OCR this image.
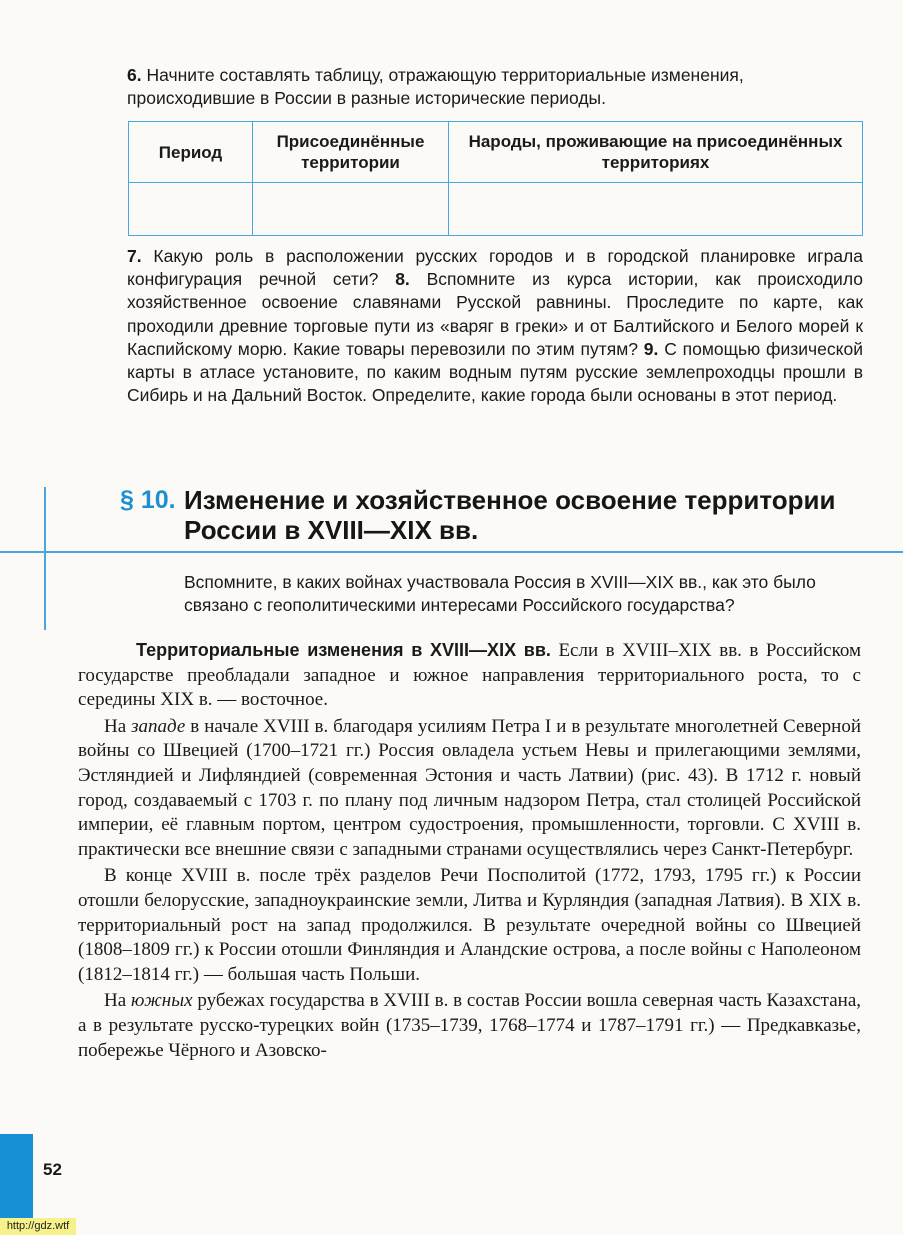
6. Начните составлять таблицу, отражающую территориальные изменения, происходившие в России в разные исторические периоды.
Период	Присоединённые территории	Народы, проживающие на присоединённых территориях

7. Какую роль в расположении русских городов и в городской планировке играла конфигурация речной сети? 8. Вспомните из курса истории, как происходило хозяйственное освоение славянами Русской равнины. Проследите по карте, как проходили древние торговые пути из «варяг в греки» и от Балтийского и Белого морей к Каспийскому морю. Какие товары перевозили по этим путям? 9. С помощью физической карты в атласе установите, по каким водным путям русские землепроходцы прошли в Сибирь и на Дальний Восток. Определите, какие города были основаны в этот период.
§ 10. Изменение и хозяйственное освоение территории России в XVIII—XIX вв.
Вспомните, в каких войнах участвовала Россия в XVIII—XIX вв., как это было связано с геополитическими интересами Российского государства?

Территориальные изменения в XVIII—XIX вв. Если в XVIII–XIX вв. в Российском государстве преобладали западное и южное направления территориального роста, то с середины XIX в. — восточное.

На западе в начале XVIII в. благодаря усилиям Петра I и в результате многолетней Северной войны со Швецией (1700–1721 гг.) Россия овладела устьем Невы и прилегающими землями, Эстляндией и Лифляндией (современная Эстония и часть Латвии) (рис. 43). В 1712 г. новый город, создаваемый с 1703 г. по плану под личным надзором Петра, стал столицей Российской империи, её главным портом, центром судостроения, промышленности, торговли. С XVIII в. практически все внешние связи с западными странами осуществлялись через Санкт-Петербург.

В конце XVIII в. после трёх разделов Речи Посполитой (1772, 1793, 1795 гг.) к России отошли белорусские, западноукраинские земли, Литва и Курляндия (западная Латвия). В XIX в. территориальный рост на запад продолжился. В результате очередной войны со Швецией (1808–1809 гг.) к России отошли Финляндия и Аландские острова, а после войны с Наполеоном (1812–1814 гг.) — большая часть Польши.

На южных рубежах государства в XVIII в. в состав России вошла северная часть Казахстана, а в результате русско-турецких войн (1735–1739, 1768–1774 и 1787–1791 гг.) — Предкавказье, побережье Чёрного и Азовско-

52
http://gdz.wtf
